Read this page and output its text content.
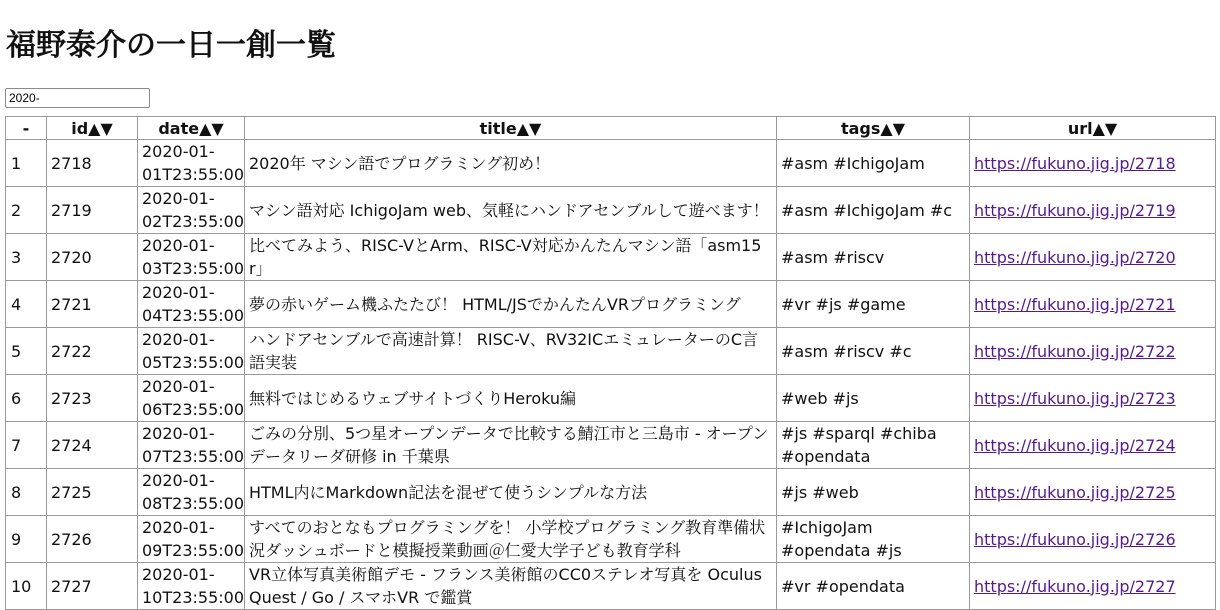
福野泰介の一日一創一覧
2020-
-	id▲▼	date▲▼	title▲▼	tags▲▼	url▲▼
1	2718	2020-01-01T23:55:00	2020年 マシン語でプログラミング初め！	#asm #IchigoJam	https://fukuno.jig.jp/2718
2	2719	2020-01-02T23:55:00	マシン語対応 IchigoJam web、気軽にハンドアセンブルして遊べます！	#asm #IchigoJam #c	https://fukuno.jig.jp/2719
3	2720	2020-01-03T23:55:00	比べてみよう、RISC-VとArm、RISC-V対応かんたんマシン語「asm15r」	#asm #riscv	https://fukuno.jig.jp/2720
4	2721	2020-01-04T23:55:00	夢の赤いゲーム機ふたたび！ HTML/JSでかんたんVRプログラミング	#vr #js #game	https://fukuno.jig.jp/2721
5	2722	2020-01-05T23:55:00	ハンドアセンブルで高速計算！ RISC-V、RV32ICエミュレーターのC言語実装	#asm #riscv #c	https://fukuno.jig.jp/2722
6	2723	2020-01-06T23:55:00	無料ではじめるウェブサイトづくりHeroku編	#web #js	https://fukuno.jig.jp/2723
7	2724	2020-01-07T23:55:00	ごみの分別、5つ星オープンデータで比較する鯖江市と三島市 - オープンデータリーダ研修 in 千葉県	#js #sparql #chiba #opendata	https://fukuno.jig.jp/2724
8	2725	2020-01-08T23:55:00	HTML内にMarkdown記法を混ぜて使うシンプルな方法	#js #web	https://fukuno.jig.jp/2725
9	2726	2020-01-09T23:55:00	すべてのおとなもプログラミングを！ 小学校プログラミング教育準備状況ダッシュボードと模擬授業動画＠仁愛大学子ども教育学科	#IchigoJam #opendata #js	https://fukuno.jig.jp/2726
10	2727	2020-01-10T23:55:00	VR立体写真美術館デモ - フランス美術館のCC0ステレオ写真を Oculus Quest / Go / スマホVR で鑑賞	#vr #opendata	https://fukuno.jig.jp/2727
